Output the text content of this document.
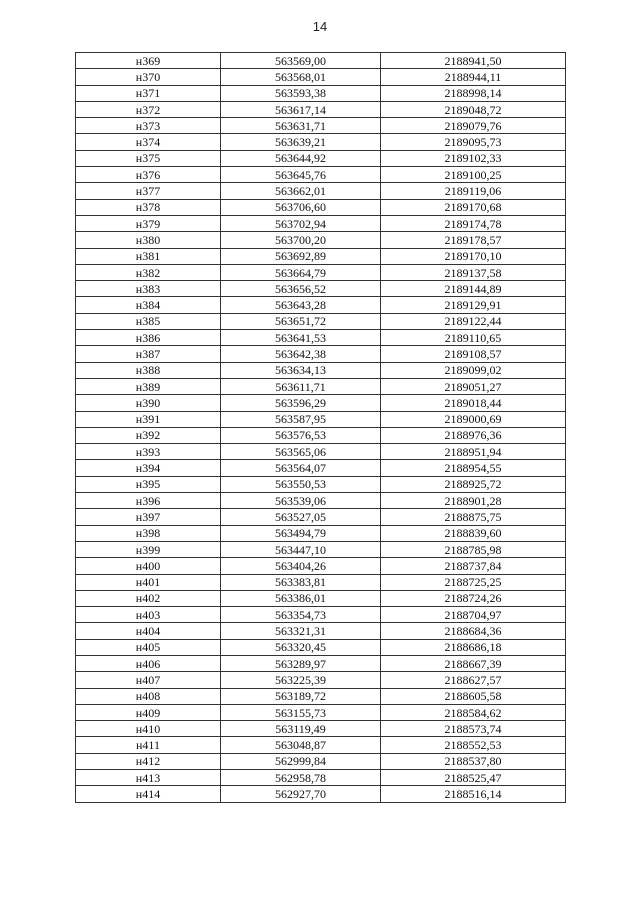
14
н369	563569,00	2188941,50
н370	563568,01	2188944,11
н371	563593,38	2188998,14
н372	563617,14	2189048,72
н373	563631,71	2189079,76
н374	563639,21	2189095,73
н375	563644,92	2189102,33
н376	563645,76	2189100,25
н377	563662,01	2189119,06
н378	563706,60	2189170,68
н379	563702,94	2189174,78
н380	563700,20	2189178,57
н381	563692,89	2189170,10
н382	563664,79	2189137,58
н383	563656,52	2189144,89
н384	563643,28	2189129,91
н385	563651,72	2189122,44
н386	563641,53	2189110,65
н387	563642,38	2189108,57
н388	563634,13	2189099,02
н389	563611,71	2189051,27
н390	563596,29	2189018,44
н391	563587,95	2189000,69
н392	563576,53	2188976,36
н393	563565,06	2188951,94
н394	563564,07	2188954,55
н395	563550,53	2188925,72
н396	563539,06	2188901,28
н397	563527,05	2188875,75
н398	563494,79	2188839,60
н399	563447,10	2188785,98
н400	563404,26	2188737,84
н401	563383,81	2188725,25
н402	563386,01	2188724,26
н403	563354,73	2188704,97
н404	563321,31	2188684,36
н405	563320,45	2188686,18
н406	563289,97	2188667,39
н407	563225,39	2188627,57
н408	563189,72	2188605,58
н409	563155,73	2188584,62
н410	563119,49	2188573,74
н411	563048,87	2188552,53
н412	562999,84	2188537,80
н413	562958,78	2188525,47
н414	562927,70	2188516,14
